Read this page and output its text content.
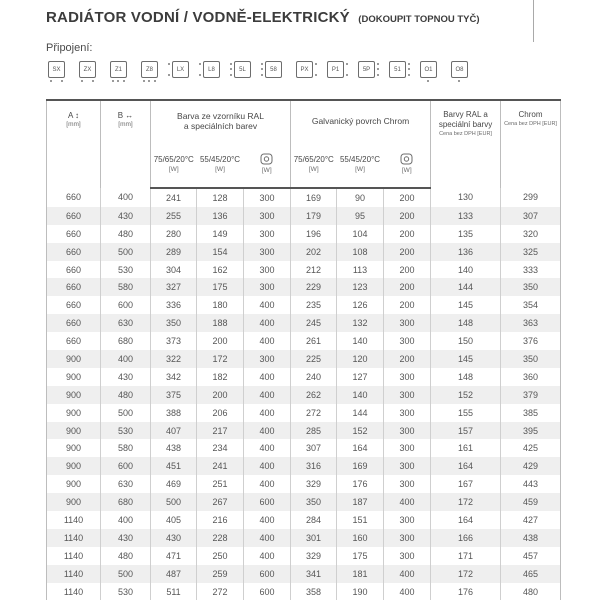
RADIÁTOR VODNÍ / VODNĚ-ELEKTRICKÝ (DOKOUPIT TOPNOU TYČ)
Připojení:
SX	ZX	Z1	Z8	LX	L8	5L	58	PX	P1	5P	51	O1	O8
A ↕
[mm]

B ↔
[mm]

Barva ze vzorníku RAL
a speciálních barev

Galvanický povrch Chrom

Barvy RAL a
speciální barvy
Cena bez DPH [EUR]

Chrom
Cena bez DPH [EUR]

75/65/20°C
[W]

55/45/20°C
[W]	[W]

75/65/20°C
[W]

55/45/20°C
[W]	[W]

660	400	241	128	300	169	90	200	130	299
660	430	255	136	300	179	95	200	133	307
660	480	280	149	300	196	104	200	135	320
660	500	289	154	300	202	108	200	136	325
660	530	304	162	300	212	113	200	140	333
660	580	327	175	300	229	123	200	144	350
660	600	336	180	400	235	126	200	145	354
660	630	350	188	400	245	132	300	148	363
660	680	373	200	400	261	140	300	150	376
900	400	322	172	300	225	120	200	145	350
900	430	342	182	400	240	127	300	148	360
900	480	375	200	400	262	140	300	152	379
900	500	388	206	400	272	144	300	155	385
900	530	407	217	400	285	152	300	157	395
900	580	438	234	400	307	164	300	161	425
900	600	451	241	400	316	169	300	164	429
900	630	469	251	400	329	176	300	167	443
900	680	500	267	600	350	187	400	172	459
1140	400	405	216	400	284	151	300	164	427
1140	430	430	228	400	301	160	300	166	438
1140	480	471	250	400	329	175	300	171	457
1140	500	487	259	600	341	181	400	172	465
1140	530	511	272	600	358	190	400	176	480
